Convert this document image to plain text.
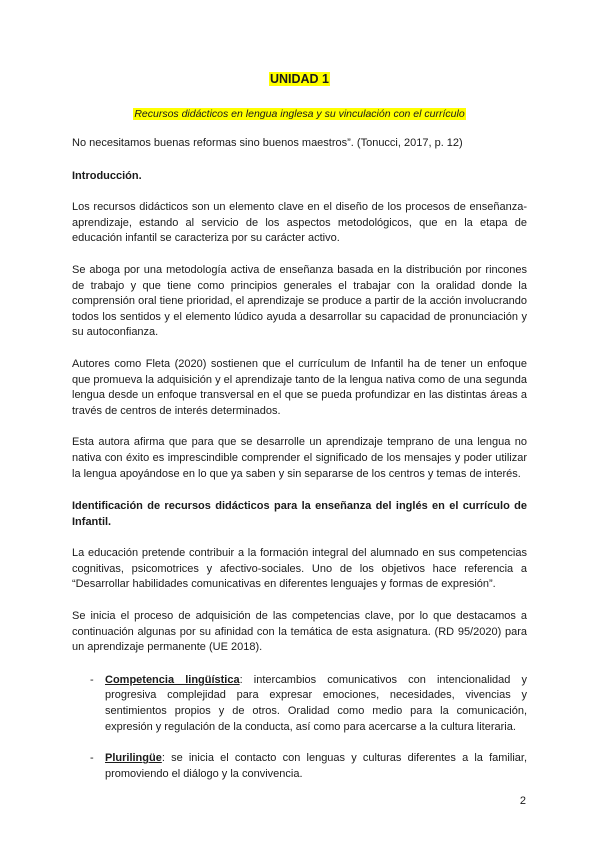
UNIDAD 1
Recursos didácticos en lengua inglesa y su vinculación con el currículo

No necesitamos buenas reformas sino buenos maestros”. (Tonucci, 2017, p. 12)

Introducción.

Los recursos didácticos son un elemento clave en el diseño de los procesos de enseñanza-aprendizaje, estando al servicio de los aspectos metodológicos, que en la etapa de educación infantil se caracteriza por su carácter activo.

Se aboga por una metodología activa de enseñanza basada en la distribución por rincones de trabajo y que tiene como principios generales el trabajar con la oralidad donde la comprensión oral tiene prioridad, el aprendizaje se produce a partir de la acción involucrando todos los sentidos y el elemento lúdico ayuda a desarrollar su capacidad de pronunciación y su autoconfianza.

Autores como Fleta (2020) sostienen que el currículum de Infantil ha de tener un enfoque que promueva la adquisición y el aprendizaje tanto de la lengua nativa como de una segunda lengua desde un enfoque transversal en el que se pueda profundizar en las distintas áreas a través de centros de interés determinados.

Esta autora afirma que para que se desarrolle un aprendizaje temprano de una lengua no nativa con éxito es imprescindible comprender el significado de los mensajes y poder utilizar la lengua apoyándose en lo que ya saben y sin separarse de los centros y temas de interés.

Identificación de recursos didácticos para la enseñanza del inglés en el currículo de Infantil.

La educación pretende contribuir a la formación integral del alumnado en sus competencias cognitivas, psicomotrices y afectivo-sociales. Uno de los objetivos hace referencia a “Desarrollar habilidades comunicativas en diferentes lenguajes y formas de expresión”.

Se inicia el proceso de adquisición de las competencias clave, por lo que destacamos a continuación algunas por su afinidad con la temática de esta asignatura. (RD 95/2020) para un aprendizaje permanente (UE 2018).

- Competencia lingüística: intercambios comunicativos con intencionalidad y progresiva complejidad para expresar emociones, necesidades, vivencias y sentimientos propios y de otros. Oralidad como medio para la comunicación, expresión y regulación de la conducta, así como para acercarse a la cultura literaria.
- Plurilingüe: se inicia el contacto con lenguas y culturas diferentes a la familiar, promoviendo el diálogo y la convivencia.
2
